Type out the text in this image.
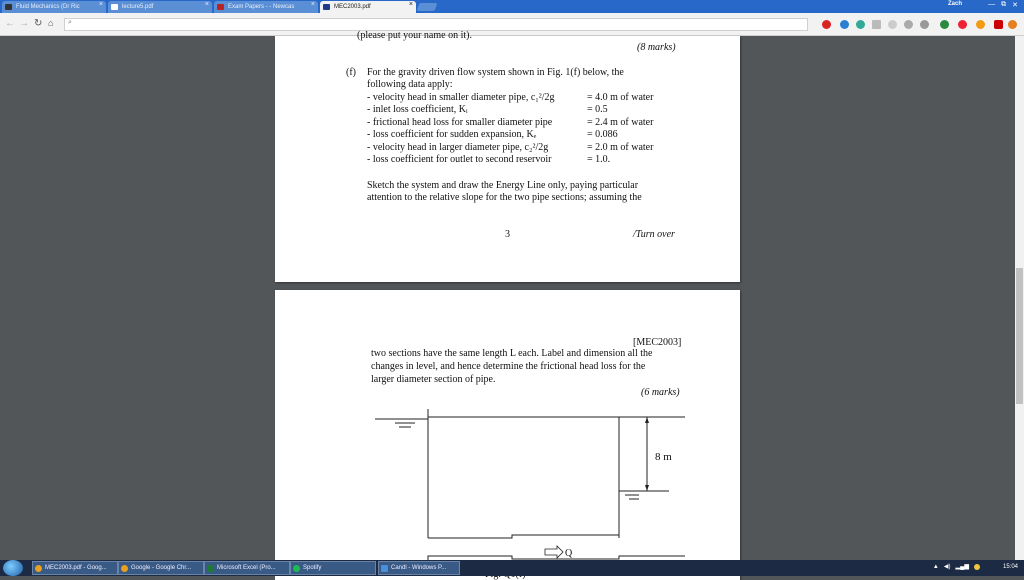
Fluid Mechanics (Dr Ric	×	lecture5.pdf	×	Exam Papers - - Newcas ×	MEC2003.pdf	×	Zach	— ⧉ ✕
← → ↻ ⌂	⌕
(please put your name on it).
(8 marks)
(f) For the gravity driven flow system shown in Fig. 1(f) below, the
following data apply:
- velocity head in smaller diameter pipe, c₁²/2g	= 4.0 m of water
- inlet loss coefficient, Kᵢ	= 0.5
- frictional head loss for smaller diameter pipe	= 2.4 m of water
- loss coefficient for sudden expansion, Kₑ	= 0.086
- velocity head in larger diameter pipe, c₂²/2g	= 2.0 m of water
- loss coefficient for outlet to second reservoir	= 1.0.
Sketch the system and draw the Energy Line only, paying particular
attention to the relative slope for the two pipe sections; assuming the
3	/Turn over
[MEC2003]
two sections have the same length L each. Label and dimension all the
changes in level, and hence determine the frictional head loss for the
larger diameter section of pipe.
(6 marks)
8 m
Q
MEC2003.pdf - Goog...	Google - Google Chr...	Microsoft Excel (Pro...	Spotify	Candl - Windows P...	▲ ◀) ▂▄▆	15:04
